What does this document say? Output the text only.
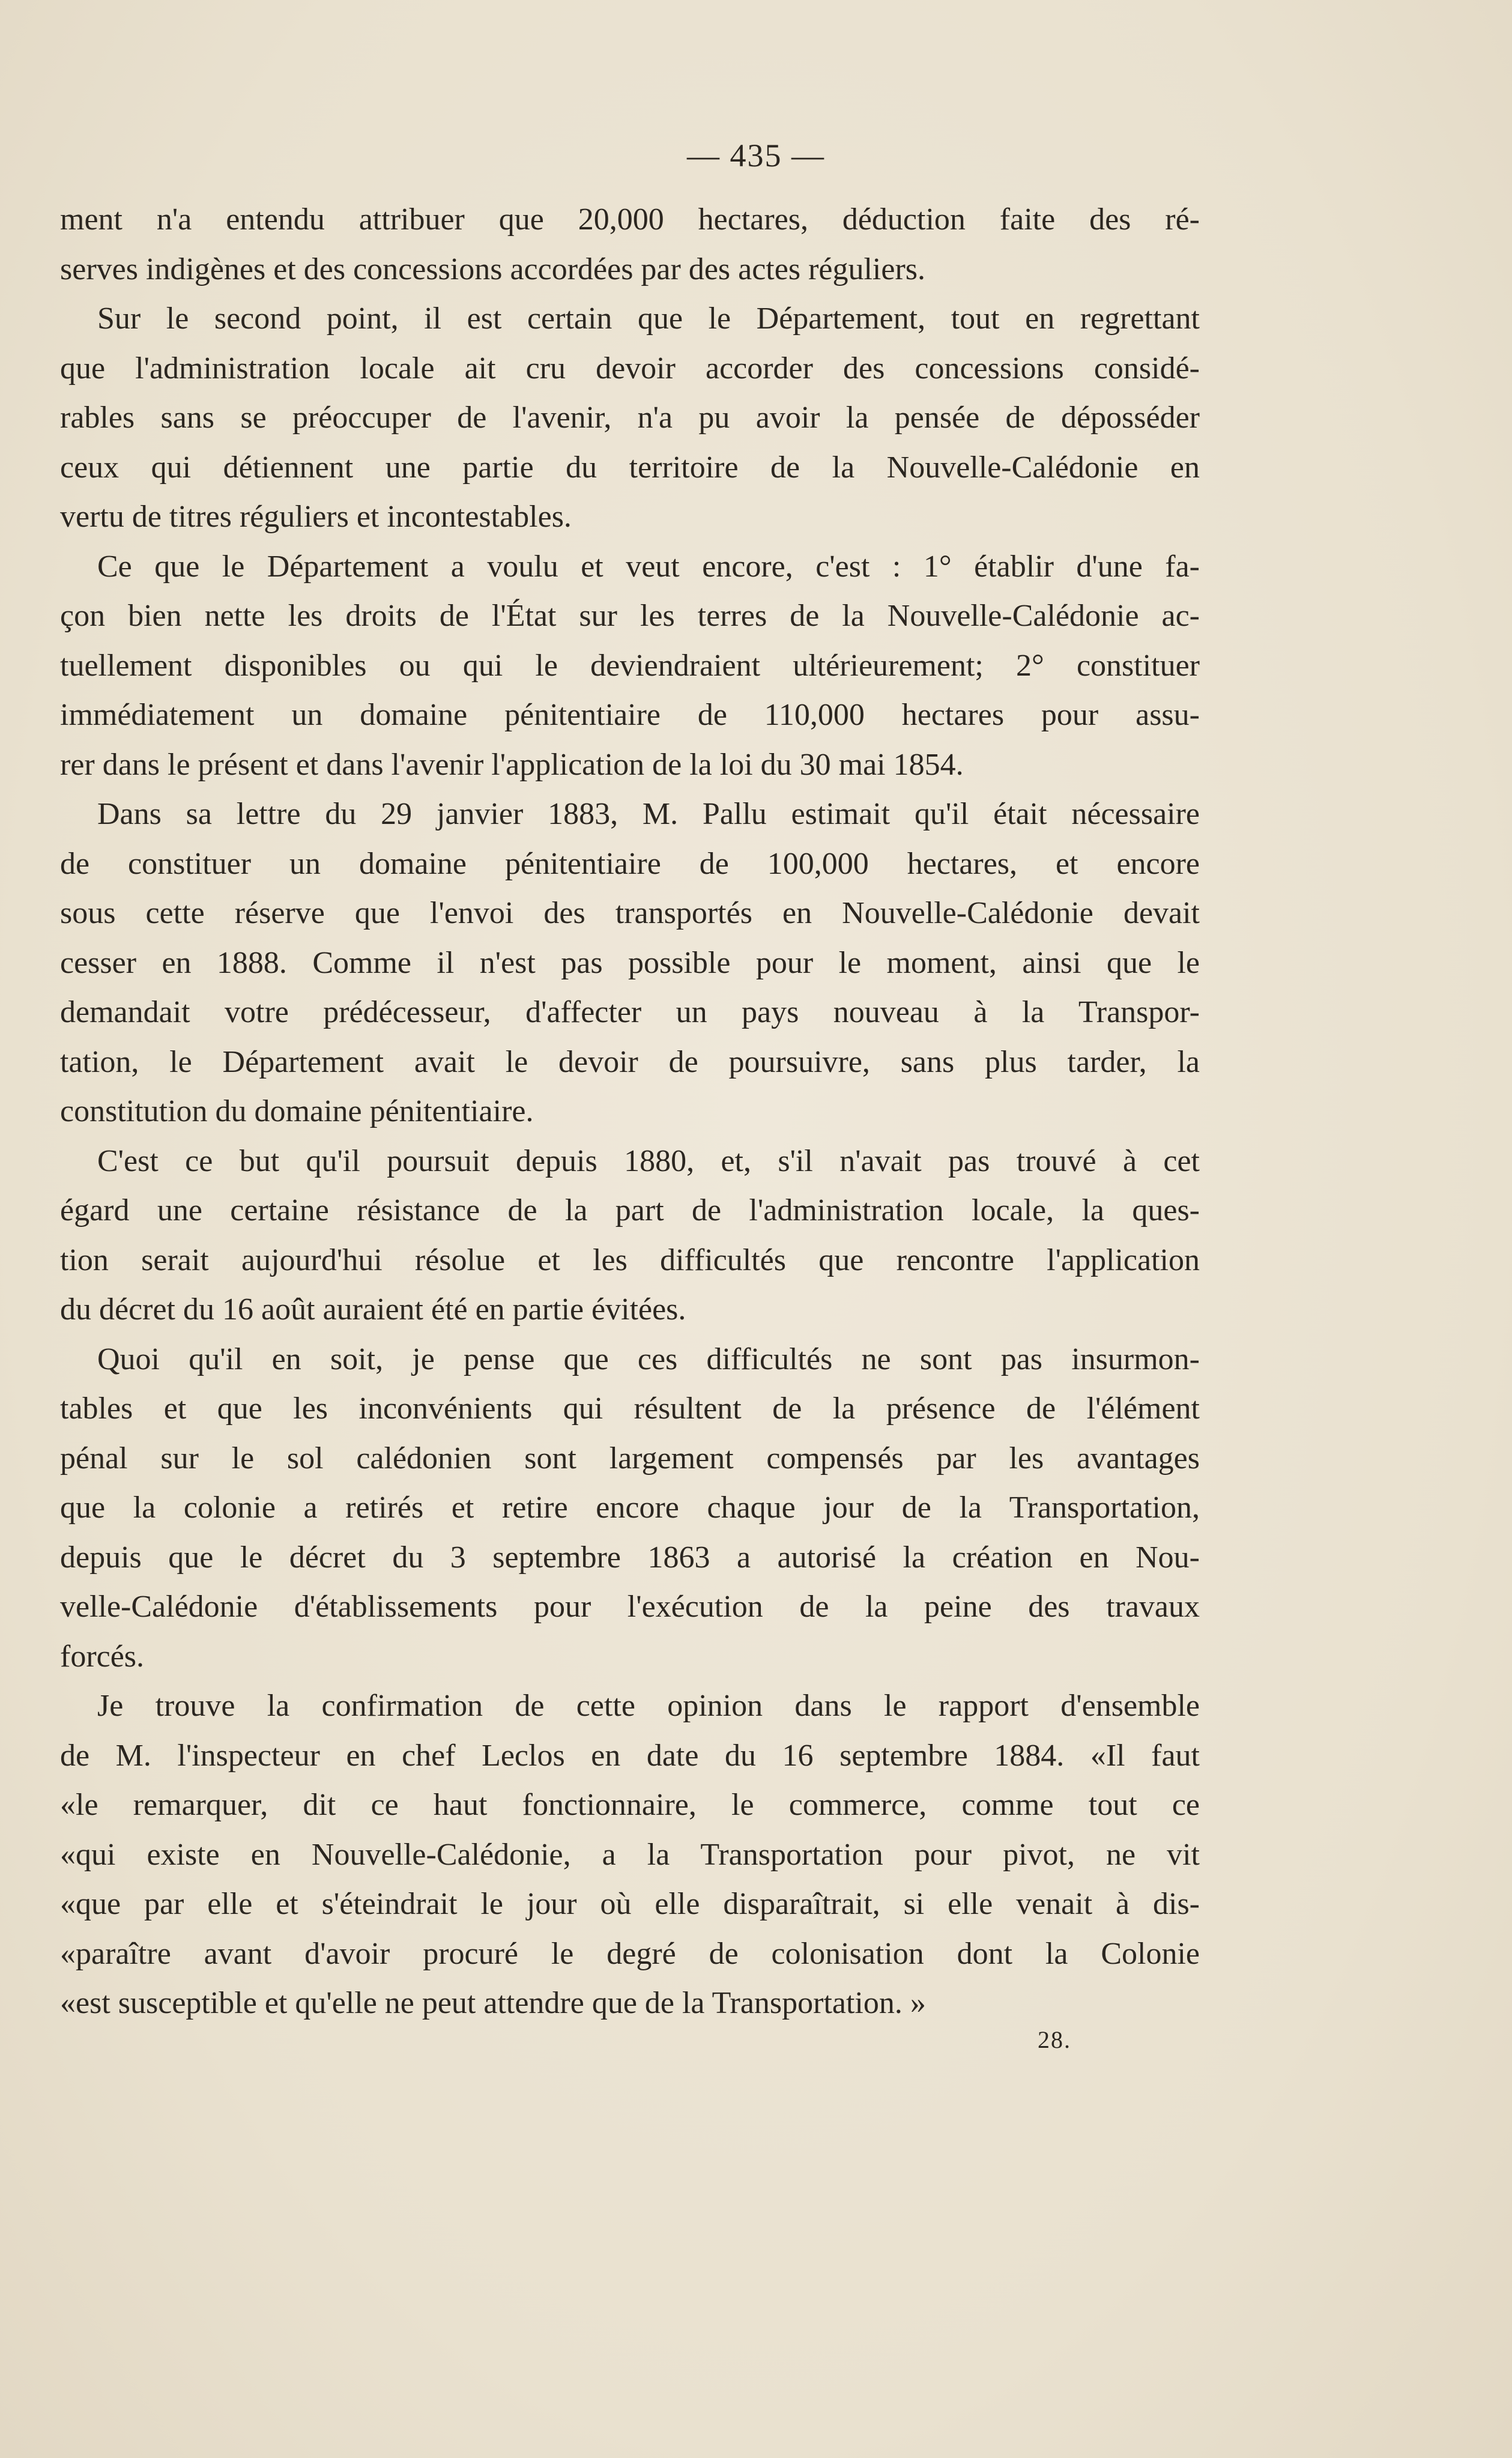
— 435 —
ment n'a entendu attribuer que 20,000 hectares, déduction faite des ré-
serves indigènes et des concessions accordées par des actes réguliers.
Sur le second point, il est certain que le Département, tout en regrettant
que l'administration locale ait cru devoir accorder des concessions considé-
rables sans se préoccuper de l'avenir, n'a pu avoir la pensée de déposséder
ceux qui détiennent une partie du territoire de la Nouvelle-Calédonie en
vertu de titres réguliers et incontestables.
Ce que le Département a voulu et veut encore, c'est : 1° établir d'une fa-
çon bien nette les droits de l'État sur les terres de la Nouvelle-Calédonie ac-
tuellement disponibles ou qui le deviendraient ultérieurement; 2° constituer
immédiatement un domaine pénitentiaire de 110,000 hectares pour assu-
rer dans le présent et dans l'avenir l'application de la loi du 30 mai 1854.
Dans sa lettre du 29 janvier 1883, M. Pallu estimait qu'il était nécessaire
de constituer un domaine pénitentiaire de 100,000 hectares, et encore
sous cette réserve que l'envoi des transportés en Nouvelle-Calédonie devait
cesser en 1888. Comme il n'est pas possible pour le moment, ainsi que le
demandait votre prédécesseur, d'affecter un pays nouveau à la Transpor-
tation, le Département avait le devoir de poursuivre, sans plus tarder, la
constitution du domaine pénitentiaire.
C'est ce but qu'il poursuit depuis 1880, et, s'il n'avait pas trouvé à cet
égard une certaine résistance de la part de l'administration locale, la ques-
tion serait aujourd'hui résolue et les difficultés que rencontre l'application
du décret du 16 août auraient été en partie évitées.
Quoi qu'il en soit, je pense que ces difficultés ne sont pas insurmon-
tables et que les inconvénients qui résultent de la présence de l'élément
pénal sur le sol calédonien sont largement compensés par les avantages
que la colonie a retirés et retire encore chaque jour de la Transportation,
depuis que le décret du 3 septembre 1863 a autorisé la création en Nou-
velle-Calédonie d'établissements pour l'exécution de la peine des travaux
forcés.
Je trouve la confirmation de cette opinion dans le rapport d'ensemble
de M. l'inspecteur en chef Leclos en date du 16 septembre 1884. «Il faut
«le remarquer, dit ce haut fonctionnaire, le commerce, comme tout ce
«qui existe en Nouvelle-Calédonie, a la Transportation pour pivot, ne vit
«que par elle et s'éteindrait le jour où elle disparaîtrait, si elle venait à dis-
«paraître avant d'avoir procuré le degré de colonisation dont la Colonie
«est susceptible et qu'elle ne peut attendre que de la Transportation. »
28.
